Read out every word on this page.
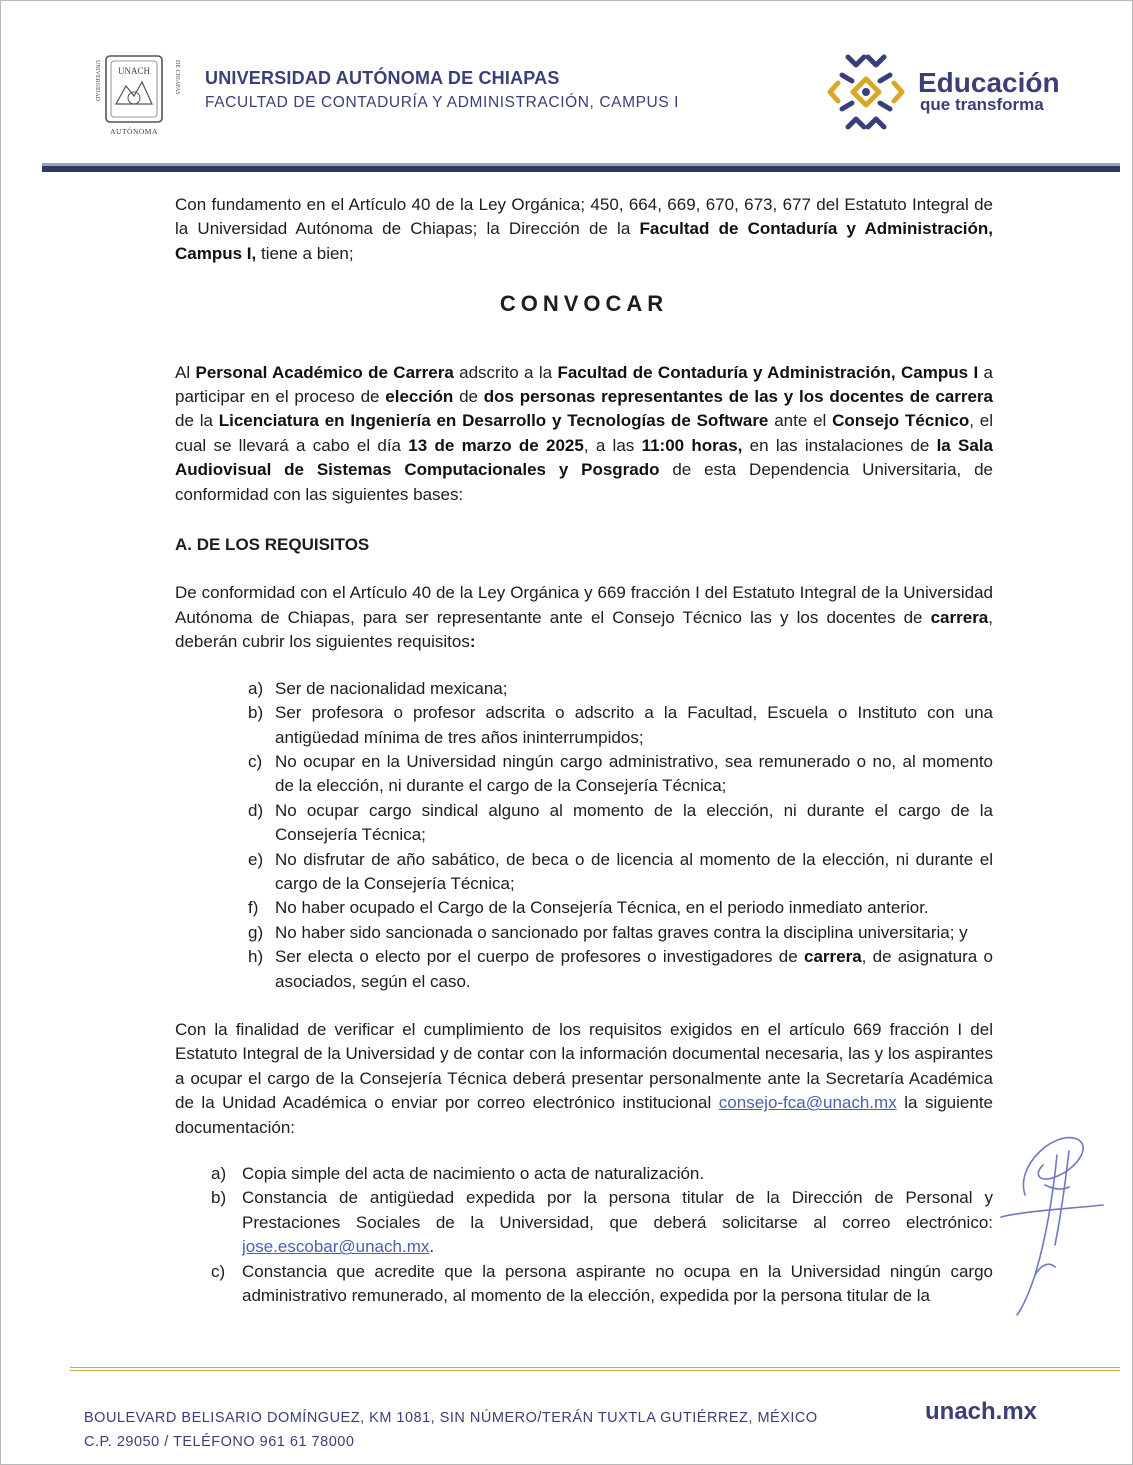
UNACH
AUTÓNOMA
UNIVERSIDAD	DE CHIAPAS UNIVERSIDAD AUTÓNOMA DE CHIAPAS
FACULTAD DE CONTADURÍA Y ADMINISTRACIÓN, CAMPUS I
Educación
que transforma

Con fundamento en el Artículo 40 de la Ley Orgánica; 450, 664, 669, 670, 673, 677 del Estatuto Integral de la Universidad Autónoma de Chiapas; la Dirección de la Facultad de Contaduría y Administración, Campus I, tiene a bien;

CONVOCAR

Al Personal Académico de Carrera adscrito a la Facultad de Contaduría y Administración, Campus I a participar en el proceso de elección de dos personas representantes de las y los docentes de carrera de la Licenciatura en Ingeniería en Desarrollo y Tecnologías de Software ante el Consejo Técnico, el cual se llevará a cabo el día 13 de marzo de 2025, a las 11:00 horas, en las instalaciones de la Sala Audiovisual de Sistemas Computacionales y Posgrado de esta Dependencia Universitaria, de conformidad con las siguientes bases:

A. DE LOS REQUISITOS

De conformidad con el Artículo 40 de la Ley Orgánica y 669 fracción I del Estatuto Integral de la Universidad Autónoma de Chiapas, para ser representante ante el Consejo Técnico las y los docentes de carrera, deberán cubrir los siguientes requisitos:

a) Ser de nacionalidad mexicana;
b) Ser profesora o profesor adscrita o adscrito a la Facultad, Escuela o Instituto con una antigüedad mínima de tres años ininterrumpidos;
c) No ocupar en la Universidad ningún cargo administrativo, sea remunerado o no, al momento de la elección, ni durante el cargo de la Consejería Técnica;
d) No ocupar cargo sindical alguno al momento de la elección, ni durante el cargo de la Consejería Técnica;
e) No disfrutar de año sabático, de beca o de licencia al momento de la elección, ni durante el cargo de la Consejería Técnica;
f) No haber ocupado el Cargo de la Consejería Técnica, en el periodo inmediato anterior.
g) No haber sido sancionada o sancionado por faltas graves contra la disciplina universitaria; y
h) Ser electa o electo por el cuerpo de profesores o investigadores de carrera, de asignatura o asociados, según el caso.

Con la finalidad de verificar el cumplimiento de los requisitos exigidos en el artículo 669 fracción I del Estatuto Integral de la Universidad y de contar con la información documental necesaria, las y los aspirantes a ocupar el cargo de la Consejería Técnica deberá presentar personalmente ante la Secretaría Académica de la Unidad Académica o enviar por correo electrónico institucional consejo-fca@unach.mx la siguiente documentación:

a) Copia simple del acta de nacimiento o acta de naturalización.
b) Constancia de antigüedad expedida por la persona titular de la Dirección de Personal y Prestaciones Sociales de la Universidad, que deberá solicitarse al correo electrónico: jose.escobar@unach.mx.
c) Constancia que acredite que la persona aspirante no ocupa en la Universidad ningún cargo administrativo remunerado, al momento de la elección, expedida por la persona titular de la
BOULEVARD BELISARIO DOMÍNGUEZ, KM 1081, SIN NÚMERO/TERÁN TUXTLA GUTIÉRREZ, MÉXICO
C.P. 29050 / TELÉFONO 961 61 78000
unach.mx
